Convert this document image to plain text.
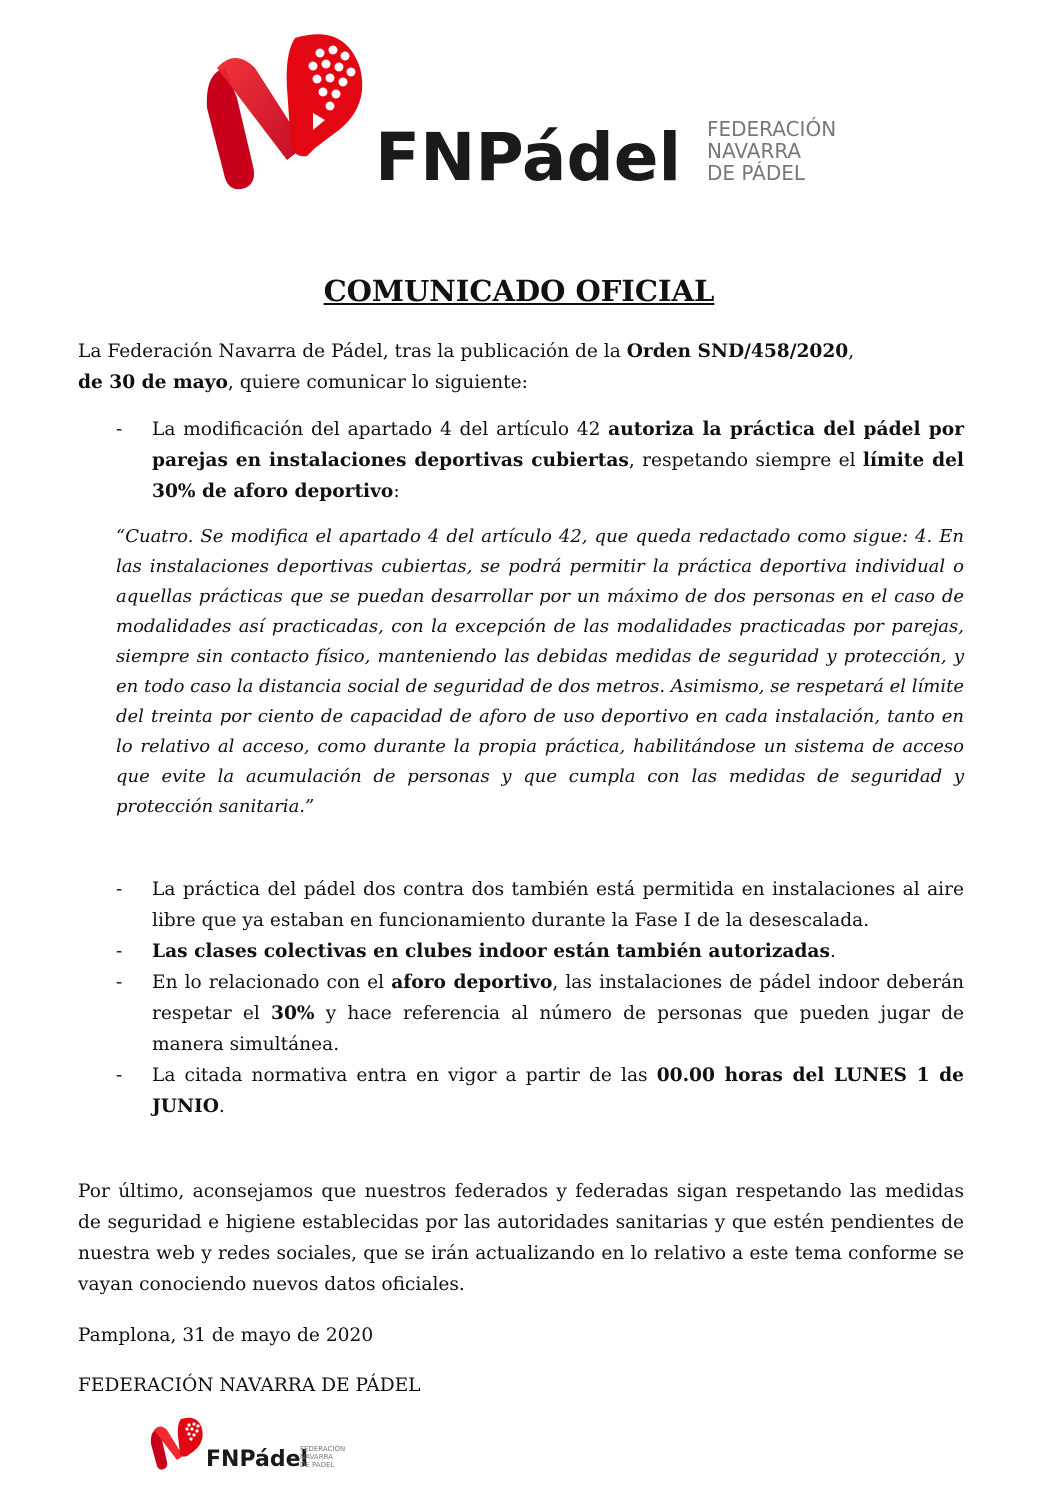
FNPádel FEDERACIÓN
NAVARRA
DE PÁDEL
COMUNICADO OFICIAL

La Federación Navarra de Pádel, tras la publicación de la Orden SND/458/2020,
de 30 de mayo, quiere comunicar lo siguiente:

- La modificación del apartado 4 del artículo 42 autoriza la práctica del pádel por parejas en instalaciones deportivas cubiertas, respetando siempre el límite del 30% de aforo deportivo:

“Cuatro. Se modifica el apartado 4 del artículo 42, que queda redactado como sigue: 4. En las instalaciones deportivas cubiertas, se podrá permitir la práctica deportiva individual o aquellas prácticas que se puedan desarrollar por un máximo de dos personas en el caso de modalidades así practicadas, con la excepción de las modalidades practicadas por parejas, siempre sin contacto físico, manteniendo las debidas medidas de seguridad y protección, y en todo caso la distancia social de seguridad de dos metros. Asimismo, se respetará el límite del treinta por ciento de capacidad de aforo de uso deportivo en cada instalación, tanto en lo relativo al acceso, como durante la propia práctica, habilitándose un sistema de acceso que evite la acumulación de personas y que cumpla con las medidas de seguridad y protección sanitaria.”

- La práctica del pádel dos contra dos también está permitida en instalaciones al aire libre que ya estaban en funcionamiento durante la Fase I de la desescalada.
- Las clases colectivas en clubes indoor están también autorizadas.
- En lo relacionado con el aforo deportivo, las instalaciones de pádel indoor deberán respetar el 30% y hace referencia al número de personas que pueden jugar de manera simultánea.
- La citada normativa entra en vigor a partir de las 00.00 horas del LUNES 1 de JUNIO.

Por último, aconsejamos que nuestros federados y federadas sigan respetando las medidas de seguridad e higiene establecidas por las autoridades sanitarias y que estén pendientes de nuestra web y redes sociales, que se irán actualizando en lo relativo a este tema conforme se vayan conociendo nuevos datos oficiales.

Pamplona, 31 de mayo de 2020

FEDERACIÓN NAVARRA DE PÁDEL

FNPádel
FEDERACIÓN
NAVARRA
DE PÁDEL
